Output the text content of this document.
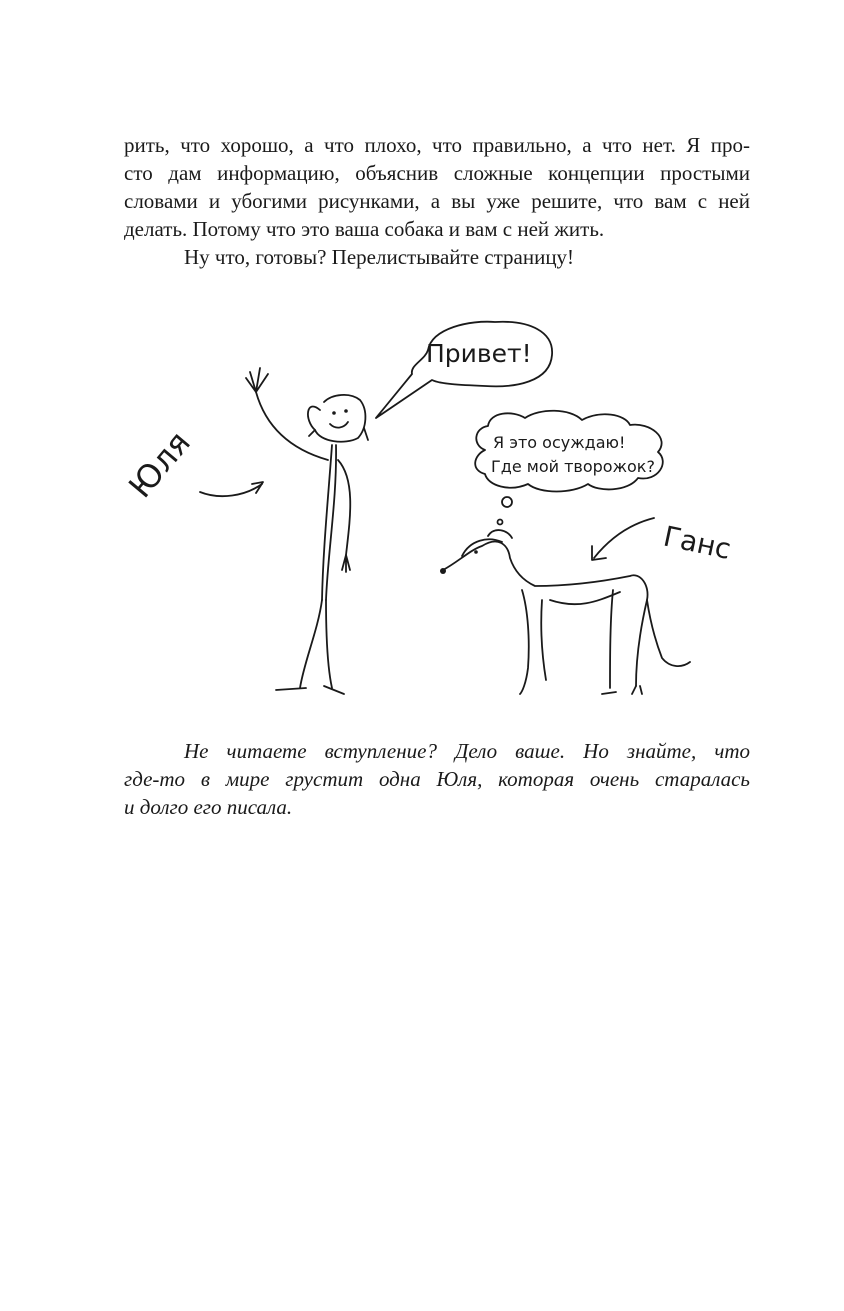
рить, что хорошо, а что плохо, что правильно, а что нет. Я про-
сто дам информацию, объяснив сложные концепции простыми
словами и убогими рисунками, а вы уже решите, что вам с ней
делать. Потому что это ваша собака и вам с ней жить.
Ну что, готовы? Перелистывайте страницу!
Привет!
Юля	Я это осуждаю!
Где мой творожок?
Ганс
Не читаете вступление? Дело ваше. Но знайте, что
где-то в мире грустит одна Юля, которая очень старалась
и долго его писала.
